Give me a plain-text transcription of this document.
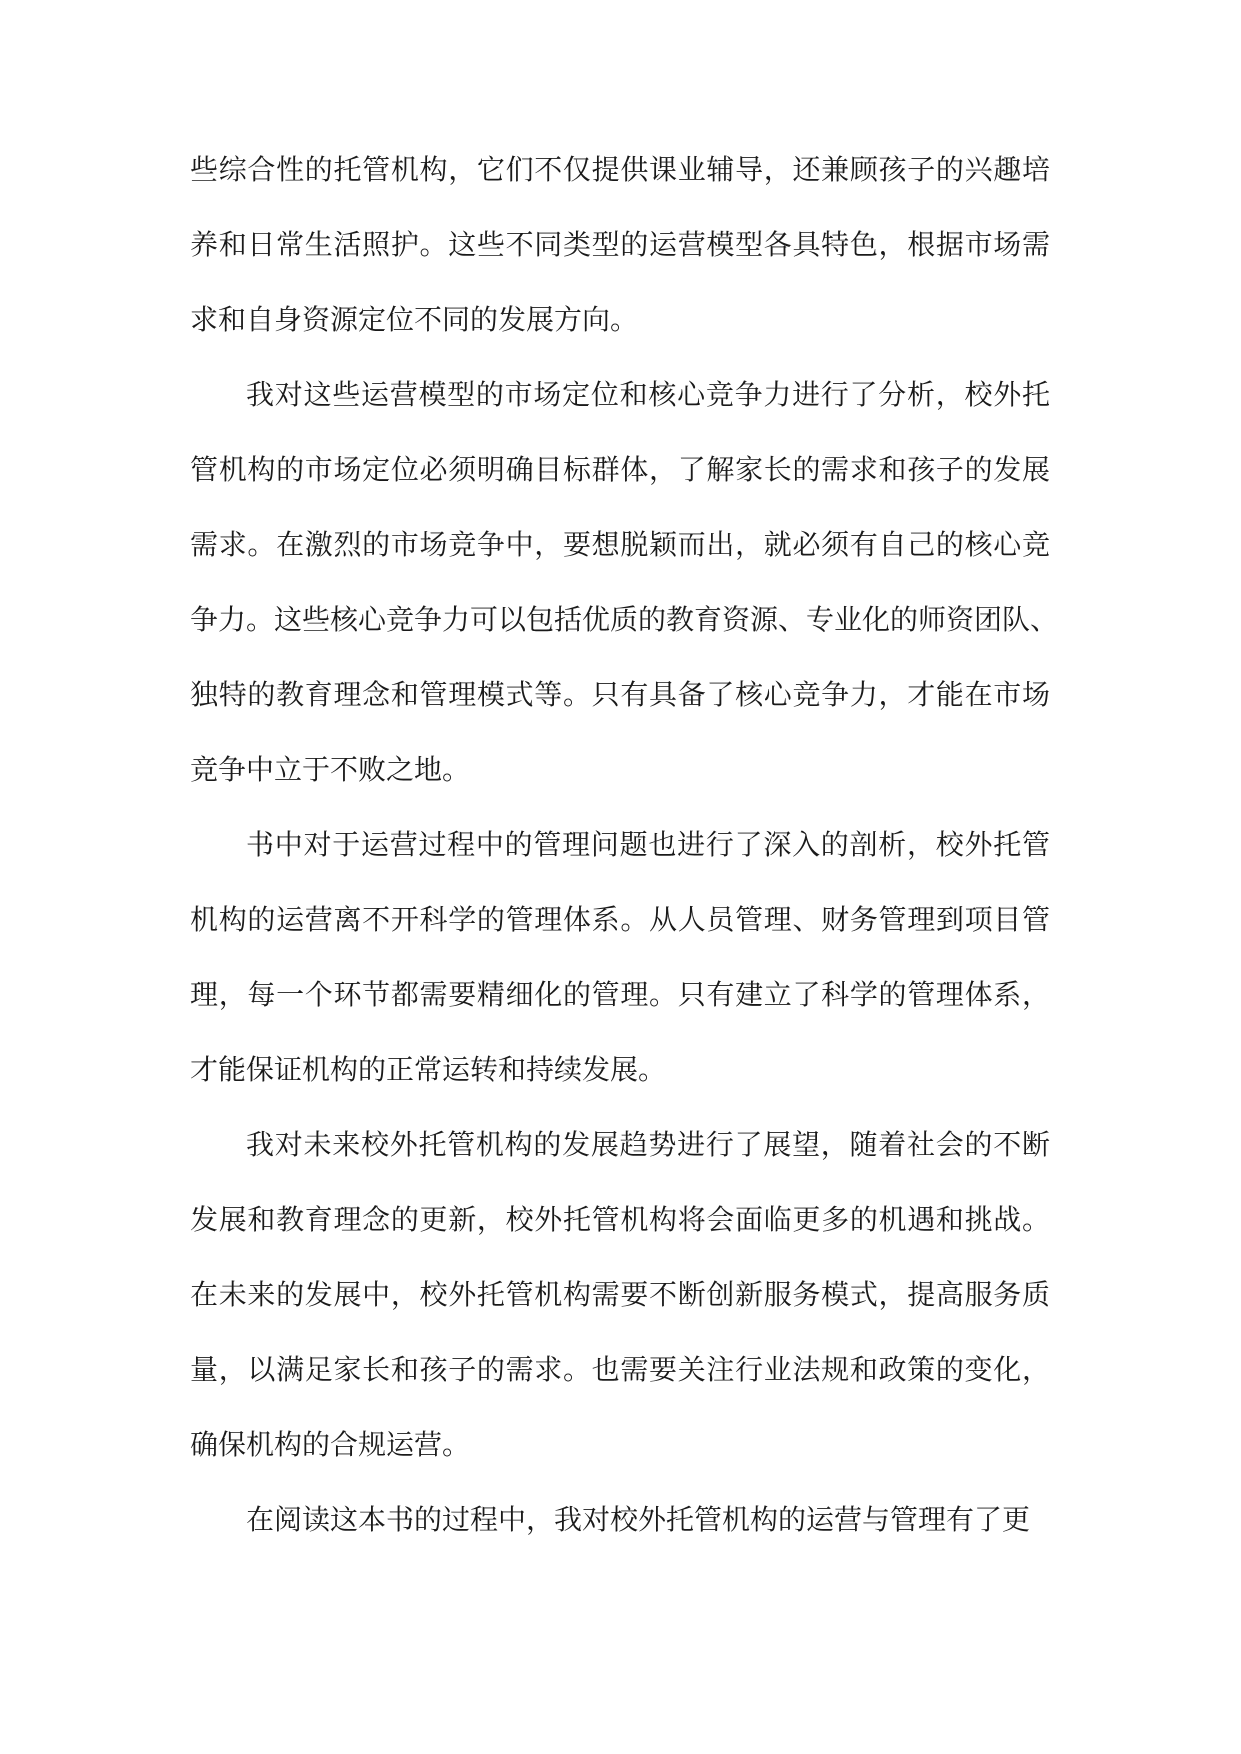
些综合性的托管机构，它们不仅提供课业辅导，还兼顾孩子的兴趣培
养和日常生活照护。这些不同类型的运营模型各具特色，根据市场需
求和自身资源定位不同的发展方向。
我对这些运营模型的市场定位和核心竞争力进行了分析，校外托
管机构的市场定位必须明确目标群体，了解家长的需求和孩子的发展
需求。在激烈的市场竞争中，要想脱颖而出，就必须有自己的核心竞
争力。这些核心竞争力可以包括优质的教育资源、专业化的师资团队、
独特的教育理念和管理模式等。只有具备了核心竞争力，才能在市场
竞争中立于不败之地。
书中对于运营过程中的管理问题也进行了深入的剖析，校外托管
机构的运营离不开科学的管理体系。从人员管理、财务管理到项目管
理，每一个环节都需要精细化的管理。只有建立了科学的管理体系，
才能保证机构的正常运转和持续发展。
我对未来校外托管机构的发展趋势进行了展望，随着社会的不断
发展和教育理念的更新，校外托管机构将会面临更多的机遇和挑战。
在未来的发展中，校外托管机构需要不断创新服务模式，提高服务质
量，以满足家长和孩子的需求。也需要关注行业法规和政策的变化，
确保机构的合规运营。
在阅读这本书的过程中，我对校外托管机构的运营与管理有了更
